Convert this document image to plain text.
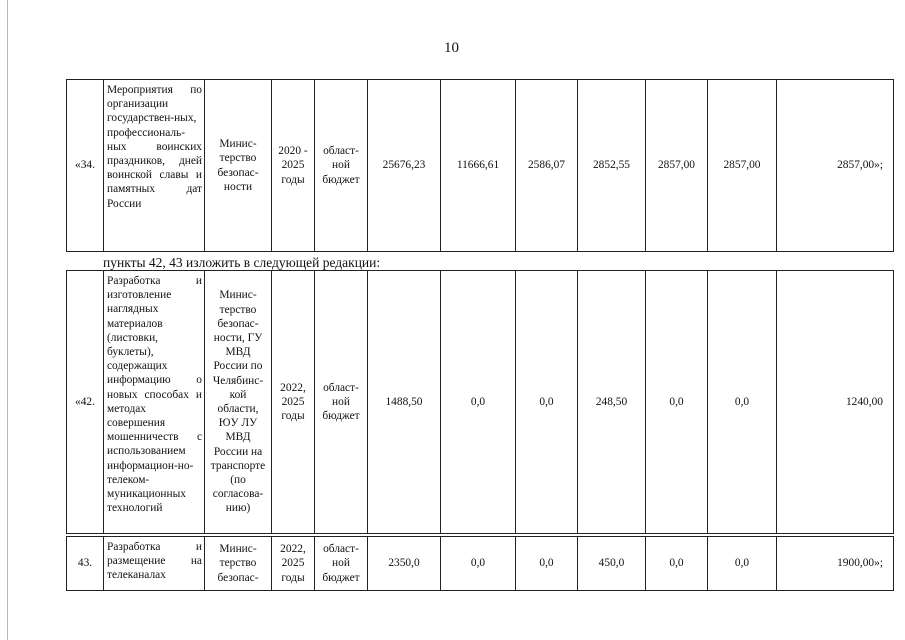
10
«34.	Мероприятия по организации государствен-ных, профессиональ-ных воинских праздников, дней воинской славы и памятных дат России	Минис-терство безопас-ности	2020 - 2025 годы	област-ной бюджет	25676,23	11666,61	2586,07	2852,55	2857,00	2857,00	2857,00»;
пункты 42, 43 изложить в следующей редакции:
«42.	Разработка и изготовление наглядных материалов (листовки, буклеты), содержащих информацию о новых способах и методах совершения мошенничеств с использованием информацион-но-телеком-муникационных технологий	Минис-терство безопас-ности, ГУ МВД России по Челябинс-кой области, ЮУ ЛУ МВД России на транспорте (по согласова-нию)	2022, 2025 годы	област-ной бюджет	1488,50	0,0	0,0	248,50	0,0	0,0	1240,00
43.	Разработка и размещение на телеканалах	Минис-терство безопас-	2022, 2025 годы	област-ной бюджет	2350,0	0,0	0,0	450,0	0,0	0,0	1900,00»;
